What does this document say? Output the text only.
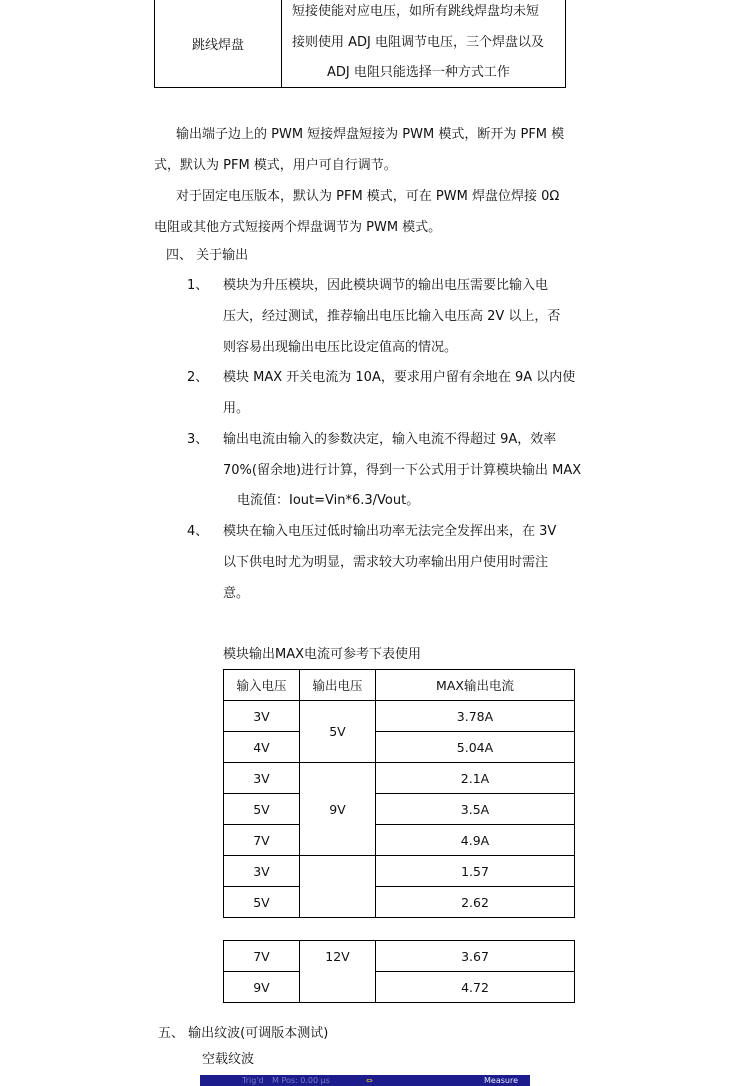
跳线焊盘
短接使能对应电压，如所有跳线焊盘均未短
接则使用 ADJ 电阻调节电压，三个焊盘以及
ADJ 电阻只能选择一种方式工作
输出端子边上的 PWM 短接焊盘短接为 PWM 模式，断开为 PFM 模
式，默认为 PFM 模式，用户可自行调节。
对于固定电压版本，默认为 PFM 模式，可在 PWM 焊盘位焊接 0Ω
电阻或其他方式短接两个焊盘调节为 PWM 模式。
四、 关于输出
1、 模块为升压模块，因此模块调节的输出电压需要比输入电
压大，经过测试，推荐输出电压比输入电压高 2V 以上，否
则容易出现输出电压比设定值高的情况。
2、 模块 MAX 开关电流为 10A，要求用户留有余地在 9A 以内使
用。
3、 输出电流由输入的参数决定，输入电流不得超过 9A，效率
70%(留余地)进行计算，得到一下公式用于计算模块输出 MAX
电流值：Iout=Vin*6.3/Vout。
4、 模块在输入电压过低时输出功率无法完全发挥出来，在 3V
以下供电时尤为明显，需求较大功率输出用户使用时需注
意。
模块输出MAX电流可参考下表使用
输入电压	输出电压	MAX输出电流
3V	5V	3.78A
4V		5.04A
3V	9V	2.1A
5V		3.5A
7V		4.9A
3V		1.57
5V		2.62
7V	12V	3.67
9V		4.72
五、 输出纹波(可调版本测试)
空载纹波
Trig'd M Pos: 0.00 µs	⇔	Measure
